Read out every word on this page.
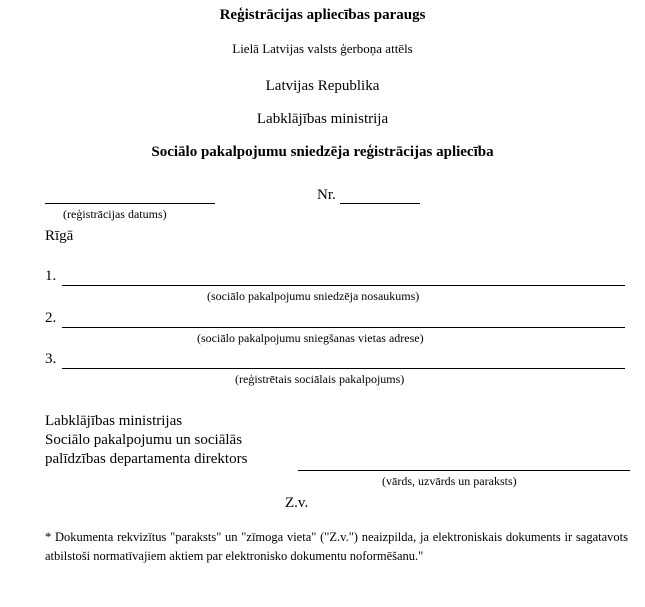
Reģistrācijas apliecības paraugs
Lielā Latvijas valsts ģerboņa attēls
Latvijas Republika
Labklājības ministrija
Sociālo pakalpojumu sniedzēja reģistrācijas apliecība
(reģistrācijas datums)
Nr.
Rīgā
1.
(sociālo pakalpojumu sniedzēja nosaukums)
2.
(sociālo pakalpojumu sniegšanas vietas adrese)
3.
(reģistrētais sociālais pakalpojums)
Labklājības ministrijas
Sociālo pakalpojumu un sociālās
palīdzības departamenta direktors
(vārds, uzvārds un paraksts)
Z.v.
* Dokumenta rekvizītus "paraksts" un "zīmoga vieta" ("Z.v.") neaizpilda, ja elektroniskais dokuments ir sagatavots atbilstoši normatīvajiem aktiem par elektronisko dokumentu noformēšanu."
